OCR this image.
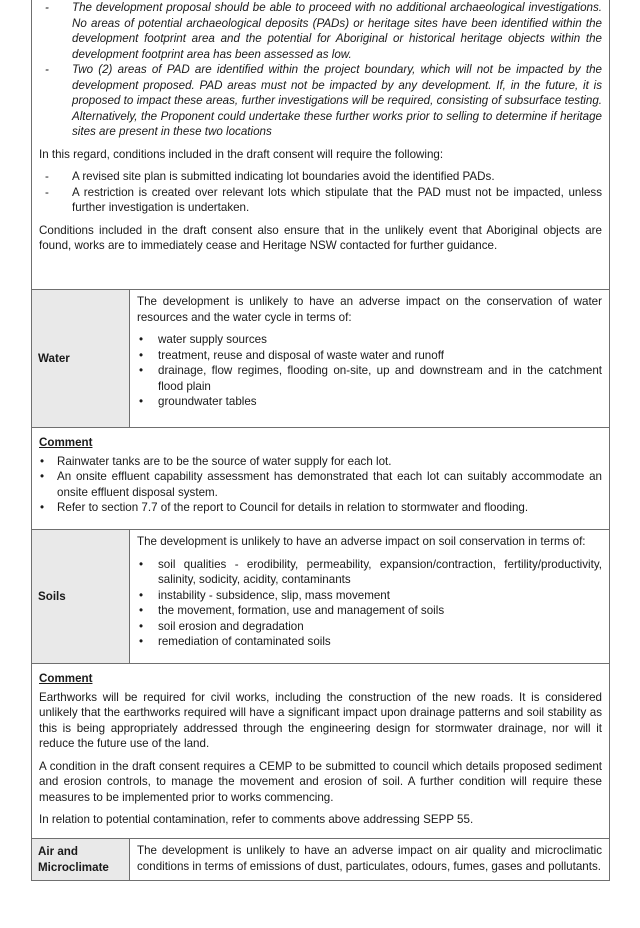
- The development proposal should be able to proceed with no additional archaeological investigations. No areas of potential archaeological deposits (PADs) or heritage sites have been identified within the development footprint area and the potential for Aboriginal or historical heritage objects within the development footprint area has been assessed as low.
- Two (2) areas of PAD are identified within the project boundary, which will not be impacted by the development proposed. PAD areas must not be impacted by any development. If, in the future, it is proposed to impact these areas, further investigations will be required, consisting of subsurface testing. Alternatively, the Proponent could undertake these further works prior to selling to determine if heritage sites are present in these two locations

In this regard, conditions included in the draft consent will require the following:

- A revised site plan is submitted indicating lot boundaries avoid the identified PADs.
- A restriction is created over relevant lots which stipulate that the PAD must not be impacted, unless further investigation is undertaken.

Conditions included in the draft consent also ensure that in the unlikely event that Aboriginal objects are found, works are to immediately cease and Heritage NSW contacted for further guidance.

Water

The development is unlikely to have an adverse impact on the conservation of water resources and the water cycle in terms of:

• water supply sources
• treatment, reuse and disposal of waste water and runoff
• drainage, flow regimes, flooding on-site, up and downstream and in the catchment flood plain
• groundwater tables
Comment
• Rainwater tanks are to be the source of water supply for each lot.
• An onsite effluent capability assessment has demonstrated that each lot can suitably accommodate an onsite effluent disposal system.
• Refer to section 7.7 of the report to Council for details in relation to stormwater and flooding.
Soils

The development is unlikely to have an adverse impact on soil conservation in terms of:

• soil qualities - erodibility, permeability, expansion/contraction, fertility/productivity, salinity, sodicity, acidity, contaminants
• instability - subsidence, slip, mass movement
• the movement, formation, use and management of soils
• soil erosion and degradation
• remediation of contaminated soils
Comment

Earthworks will be required for civil works, including the construction of the new roads. It is considered unlikely that the earthworks required will have a significant impact upon drainage patterns and soil stability as this is being appropriately addressed through the engineering design for stormwater drainage, nor will it reduce the future use of the land.

A condition in the draft consent requires a CEMP to be submitted to council which details proposed sediment and erosion controls, to manage the movement and erosion of soil. A further condition will require these measures to be implemented prior to works commencing.

In relation to potential contamination, refer to comments above addressing SEPP 55.

Air and
Microclimate

The development is unlikely to have an adverse impact on air quality and microclimatic conditions in terms of emissions of dust, particulates, odours, fumes, gases and pollutants.
